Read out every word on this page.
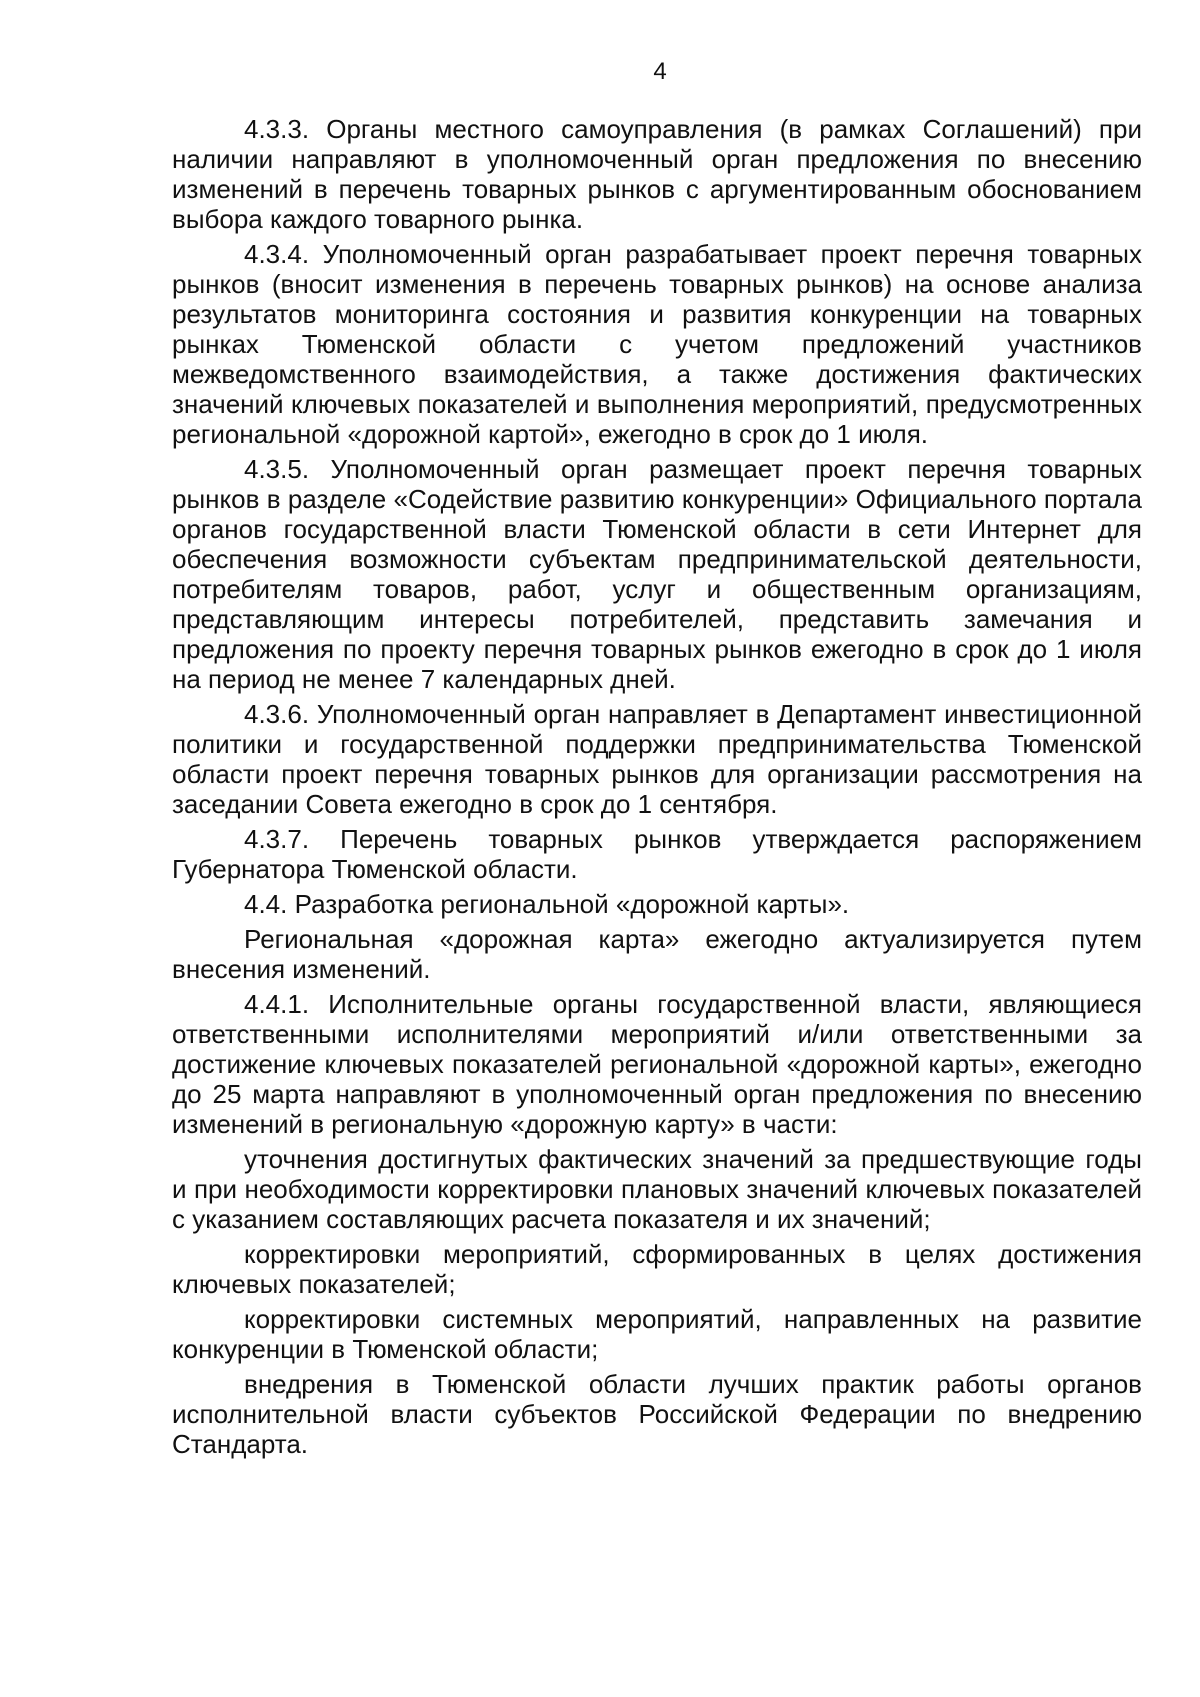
4

4.3.3. Органы местного самоуправления (в рамках Соглашений) при наличии направляют в уполномоченный орган предложения по внесению изменений в перечень товарных рынков с аргументированным обоснованием выбора каждого товарного рынка.

4.3.4. Уполномоченный орган разрабатывает проект перечня товарных рынков (вносит изменения в перечень товарных рынков) на основе анализа результатов мониторинга состояния и развития конкуренции на товарных рынках Тюменской области с учетом предложений участников межведомственного взаимодействия, а также достижения фактических значений ключевых показателей и выполнения мероприятий, предусмотренных региональной «дорожной картой», ежегодно в срок до 1 июля.

4.3.5. Уполномоченный орган размещает проект перечня товарных рынков в разделе «Содействие развитию конкуренции» Официального портала органов государственной власти Тюменской области в сети Интернет для обеспечения возможности субъектам предпринимательской деятельности, потребителям товаров, работ, услуг и общественным организациям, представляющим интересы потребителей, представить замечания и предложения по проекту перечня товарных рынков ежегодно в срок до 1 июля на период не менее 7 календарных дней.

4.3.6. Уполномоченный орган направляет в Департамент инвестиционной политики и государственной поддержки предпринимательства Тюменской области проект перечня товарных рынков для организации рассмотрения на заседании Совета ежегодно в срок до 1 сентября.

4.3.7. Перечень товарных рынков утверждается распоряжением Губернатора Тюменской области.

4.4. Разработка региональной «дорожной карты».

Региональная «дорожная карта» ежегодно актуализируется путем внесения изменений.

4.4.1. Исполнительные органы государственной власти, являющиеся ответственными исполнителями мероприятий и/или ответственными за достижение ключевых показателей региональной «дорожной карты», ежегодно до 25 марта направляют в уполномоченный орган предложения по внесению изменений в региональную «дорожную карту» в части:

уточнения достигнутых фактических значений за предшествующие годы и при необходимости корректировки плановых значений ключевых показателей с указанием составляющих расчета показателя и их значений;

корректировки мероприятий, сформированных в целях достижения ключевых показателей;

корректировки системных мероприятий, направленных на развитие конкуренции в Тюменской области;

внедрения в Тюменской области лучших практик работы органов исполнительной власти субъектов Российской Федерации по внедрению Стандарта.
